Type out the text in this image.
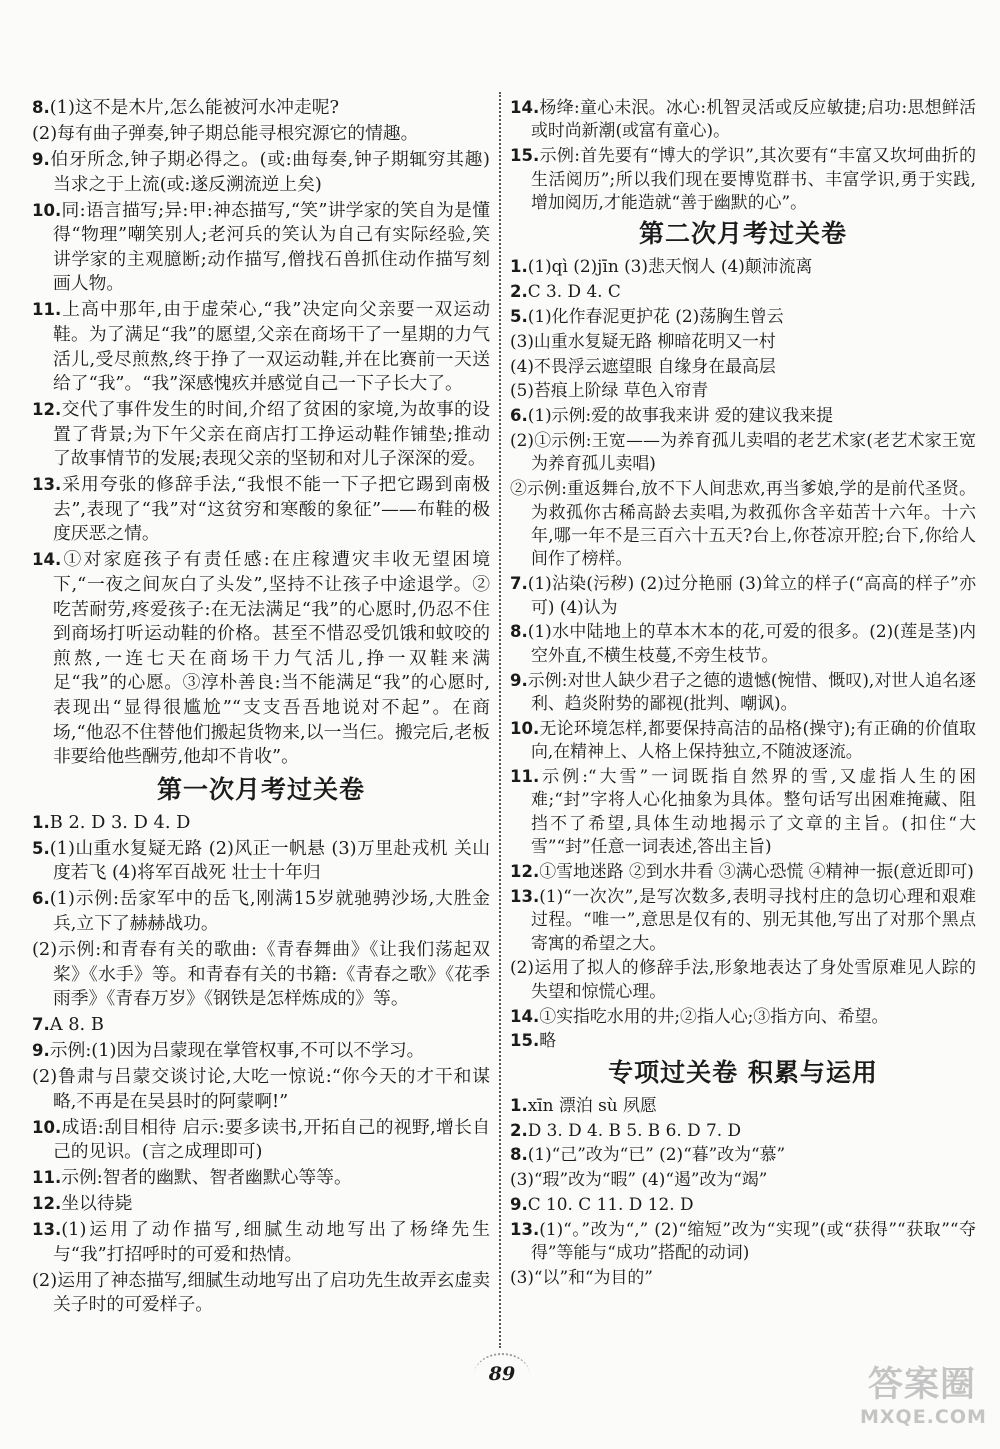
8.(1)这不是木片,怎么能被河水冲走呢?

(2)每有曲子弹奏,钟子期总能寻根究源它的情趣。

9.伯牙所念,钟子期必得之。(或:曲每奏,钟子期辄穷其趣) 当求之于上流(或:遂反溯流逆上矣)

10.同:语言描写;异:甲:神态描写,“笑”讲学家的笑自为是懂得“物理”嘲笑别人;老河兵的笑认为自己有实际经验,笑讲学家的主观臆断;动作描写,僧找石兽抓住动作描写刻画人物。

11.上高中那年,由于虚荣心,“我”决定向父亲要一双运动鞋。为了满足“我”的愿望,父亲在商场干了一星期的力气活儿,受尽煎熬,终于挣了一双运动鞋,并在比赛前一天送给了“我”。“我”深感愧疚并感觉自己一下子长大了。

12.交代了事件发生的时间,介绍了贫困的家境,为故事的设置了背景;为下午父亲在商店打工挣运动鞋作铺垫;推动了故事情节的发展;表现父亲的坚韧和对儿子深深的爱。

13.采用夸张的修辞手法,“我恨不能一下子把它踢到南极去”,表现了“我”对“这贫穷和寒酸的象征”——布鞋的极度厌恶之情。

14.①对家庭孩子有责任感:在庄稼遭灾丰收无望困境下,“一夜之间灰白了头发”,坚持不让孩子中途退学。②吃苦耐劳,疼爱孩子:在无法满足“我”的心愿时,仍忍不住到商场打听运动鞋的价格。甚至不惜忍受饥饿和蚊咬的煎熬,一连七天在商场干力气活儿,挣一双鞋来满足“我”的心愿。③淳朴善良:当不能满足“我”的心愿时,表现出“显得很尴尬”“支支吾吾地说对不起”。在商场,“他忍不住替他们搬起货物来,以一当仨。搬完后,老板非要给他些酬劳,他却不肯收”。

第一次月考过关卷

1.B 2. D 3. D 4. D

5.(1)山重水复疑无路 (2)风正一帆悬 (3)万里赴戎机 关山度若飞 (4)将军百战死 壮士十年归

6.(1)示例:岳家军中的岳飞,刚满15岁就驰骋沙场,大胜金兵,立下了赫赫战功。

(2)示例:和青春有关的歌曲:《青春舞曲》《让我们荡起双桨》《水手》等。和青春有关的书籍:《青春之歌》《花季雨季》《青春万岁》《钢铁是怎样炼成的》等。

7.A 8. B

9.示例:(1)因为吕蒙现在掌管权事,不可以不学习。

(2)鲁肃与吕蒙交谈讨论,大吃一惊说:“你今天的才干和谋略,不再是在吴县时的阿蒙啊!”

10.成语:刮目相待 启示:要多读书,开拓自己的视野,增长自己的见识。(言之成理即可)

11.示例:智者的幽默、智者幽默心等等。

12.坐以待毙

13.(1)运用了动作描写,细腻生动地写出了杨绛先生与“我”打招呼时的可爱和热情。

(2)运用了神态描写,细腻生动地写出了启功先生故弄玄虚卖关子时的可爱样子。

14.杨绛:童心未泯。冰心:机智灵活或反应敏捷;启功:思想鲜活或时尚新潮(或富有童心)。

15.示例:首先要有“博大的学识”,其次要有“丰富又坎坷曲折的生活阅历”;所以我们现在要博览群书、丰富学识,勇于实践,增加阅历,才能造就“善于幽默的心”。

第二次月考过关卷

1.(1)qì (2)jīn (3)悲天悯人 (4)颠沛流离

2.C 3. D 4. C

5.(1)化作春泥更护花 (2)荡胸生曾云

(3)山重水复疑无路 柳暗花明又一村

(4)不畏浮云遮望眼 自缘身在最高层

(5)苔痕上阶绿 草色入帘青

6.(1)示例:爱的故事我来讲 爱的建议我来提

(2)①示例:王宽——为养育孤儿卖唱的老艺术家(老艺术家王宽为养育孤儿卖唱)

②示例:重返舞台,放不下人间悲欢,再当爹娘,学的是前代圣贤。为救孤你古稀高龄去卖唱,为救孤你含辛茹苦十六年。十六年,哪一年不是三百六十五天?台上,你苍凉开腔;台下,你给人间作了榜样。

7.(1)沾染(污秽) (2)过分艳丽 (3)耸立的样子(“高高的样子”亦可) (4)认为

8.(1)水中陆地上的草本木本的花,可爱的很多。(2)(莲是茎)内空外直,不横生枝蔓,不旁生枝节。

9.示例:对世人缺少君子之德的遗憾(惋惜、慨叹),对世人追名逐利、趋炎附势的鄙视(批判、嘲讽)。

10.无论环境怎样,都要保持高洁的品格(操守);有正确的价值取向,在精神上、人格上保持独立,不随波逐流。

11.示例:“大雪”一词既指自然界的雪,又虚指人生的困难;“封”字将人心化抽象为具体。整句话写出困难掩藏、阻挡不了希望,具体生动地揭示了文章的主旨。(扣住“大雪”“封”任意一词表述,答出主旨)

12.①雪地迷路 ②到水井看 ③满心恐慌 ④精神一振(意近即可)

13.(1)“一次次”,是写次数多,表明寻找村庄的急切心理和艰难过程。“唯一”,意思是仅有的、别无其他,写出了对那个黑点寄寓的希望之大。

(2)运用了拟人的修辞手法,形象地表达了身处雪原难见人踪的失望和惊慌心理。

14.①实指吃水用的井;②指人心;③指方向、希望。

15.略

专项过关卷 积累与运用

1.xīn 漂泊 sù 夙愿

2.D 3. D 4. B 5. B 6. D 7. D

8.(1)“己”改为“已” (2)“暮”改为“慕”

(3)“瑕”改为“暇” (4)“遏”改为“竭”

9.C 10. C 11. D 12. D

13.(1)“。”改为“,” (2)“缩短”改为“实现”(或“获得”“获取”“夺得”等能与“成功”搭配的动词)

(3)“以”和“为目的”

89	答案圈
MXQE.COM
